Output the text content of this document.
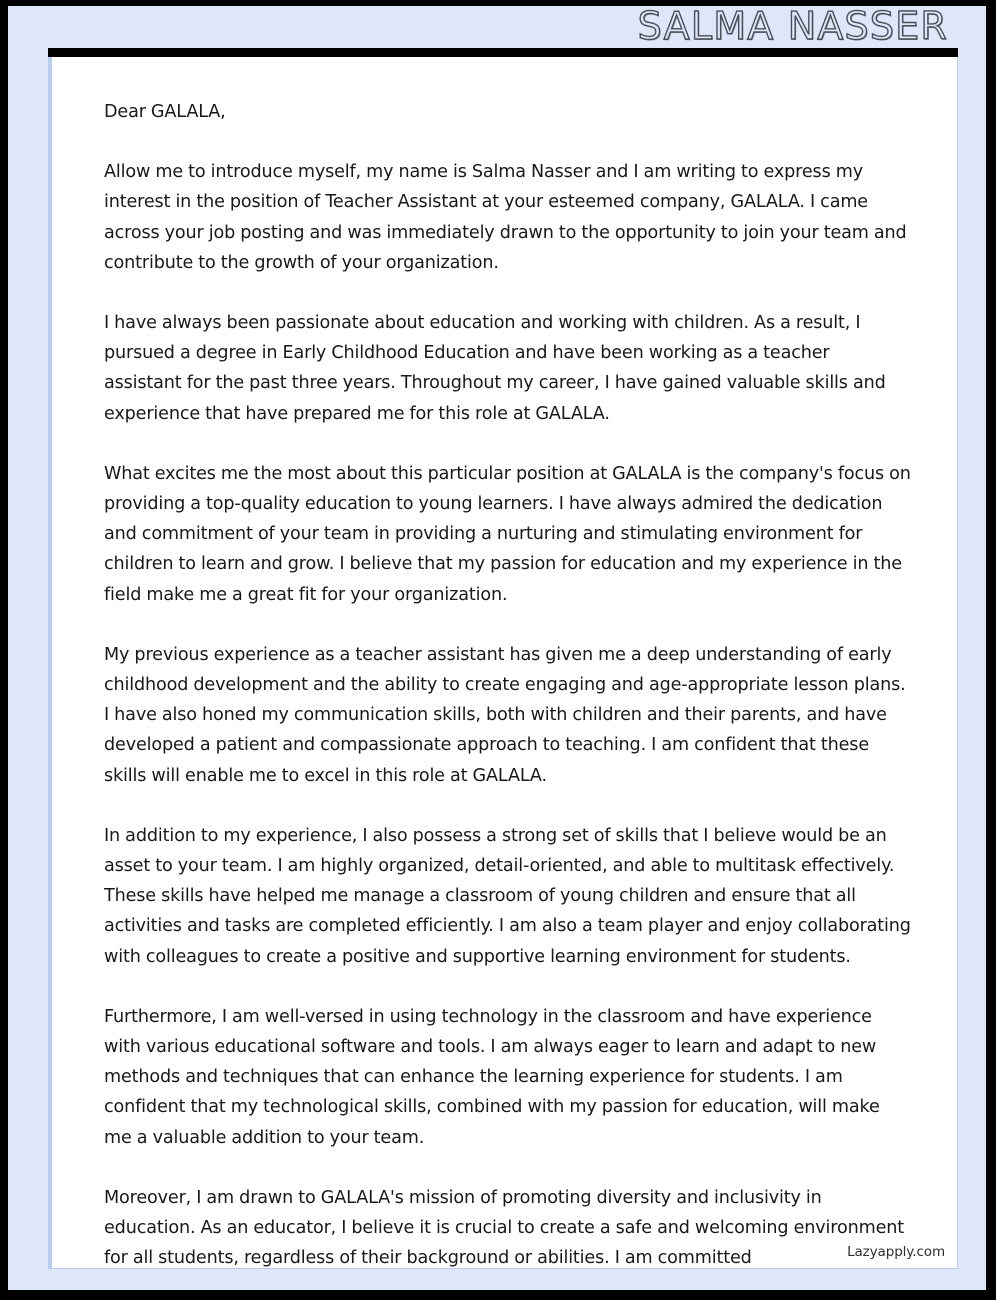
SALMA NASSER
Lazyapply.com

Dear GALALA,

Allow me to introduce myself, my name is Salma Nasser and I am writing to express my interest in the position of Teacher Assistant at your esteemed company, GALALA. I came across your job posting and was immediately drawn to the opportunity to join your team and contribute to the growth of your organization.

I have always been passionate about education and working with children. As a result, I pursued a degree in Early Childhood Education and have been working as a teacher assistant for the past three years. Throughout my career, I have gained valuable skills and experience that have prepared me for this role at GALALA.

What excites me the most about this particular position at GALALA is the company's focus on providing a top-quality education to young learners. I have always admired the dedication and commitment of your team in providing a nurturing and stimulating environment for children to learn and grow. I believe that my passion for education and my experience in the field make me a great fit for your organization.

My previous experience as a teacher assistant has given me a deep understanding of early childhood development and the ability to create engaging and age-appropriate lesson plans. I have also honed my communication skills, both with children and their parents, and have developed a patient and compassionate approach to teaching. I am confident that these skills will enable me to excel in this role at GALALA.

In addition to my experience, I also possess a strong set of skills that I believe would be an asset to your team. I am highly organized, detail-oriented, and able to multitask effectively. These skills have helped me manage a classroom of young children and ensure that all activities and tasks are completed efficiently. I am also a team player and enjoy collaborating with colleagues to create a positive and supportive learning environment for students.

Furthermore, I am well-versed in using technology in the classroom and have experience with various educational software and tools. I am always eager to learn and adapt to new methods and techniques that can enhance the learning experience for students. I am confident that my technological skills, combined with my passion for education, will make me a valuable addition to your team.

Moreover, I am drawn to GALALA's mission of promoting diversity and inclusivity in education. As an educator, I believe it is crucial to create a safe and welcoming environment for all students, regardless of their background or abilities. I am committed
